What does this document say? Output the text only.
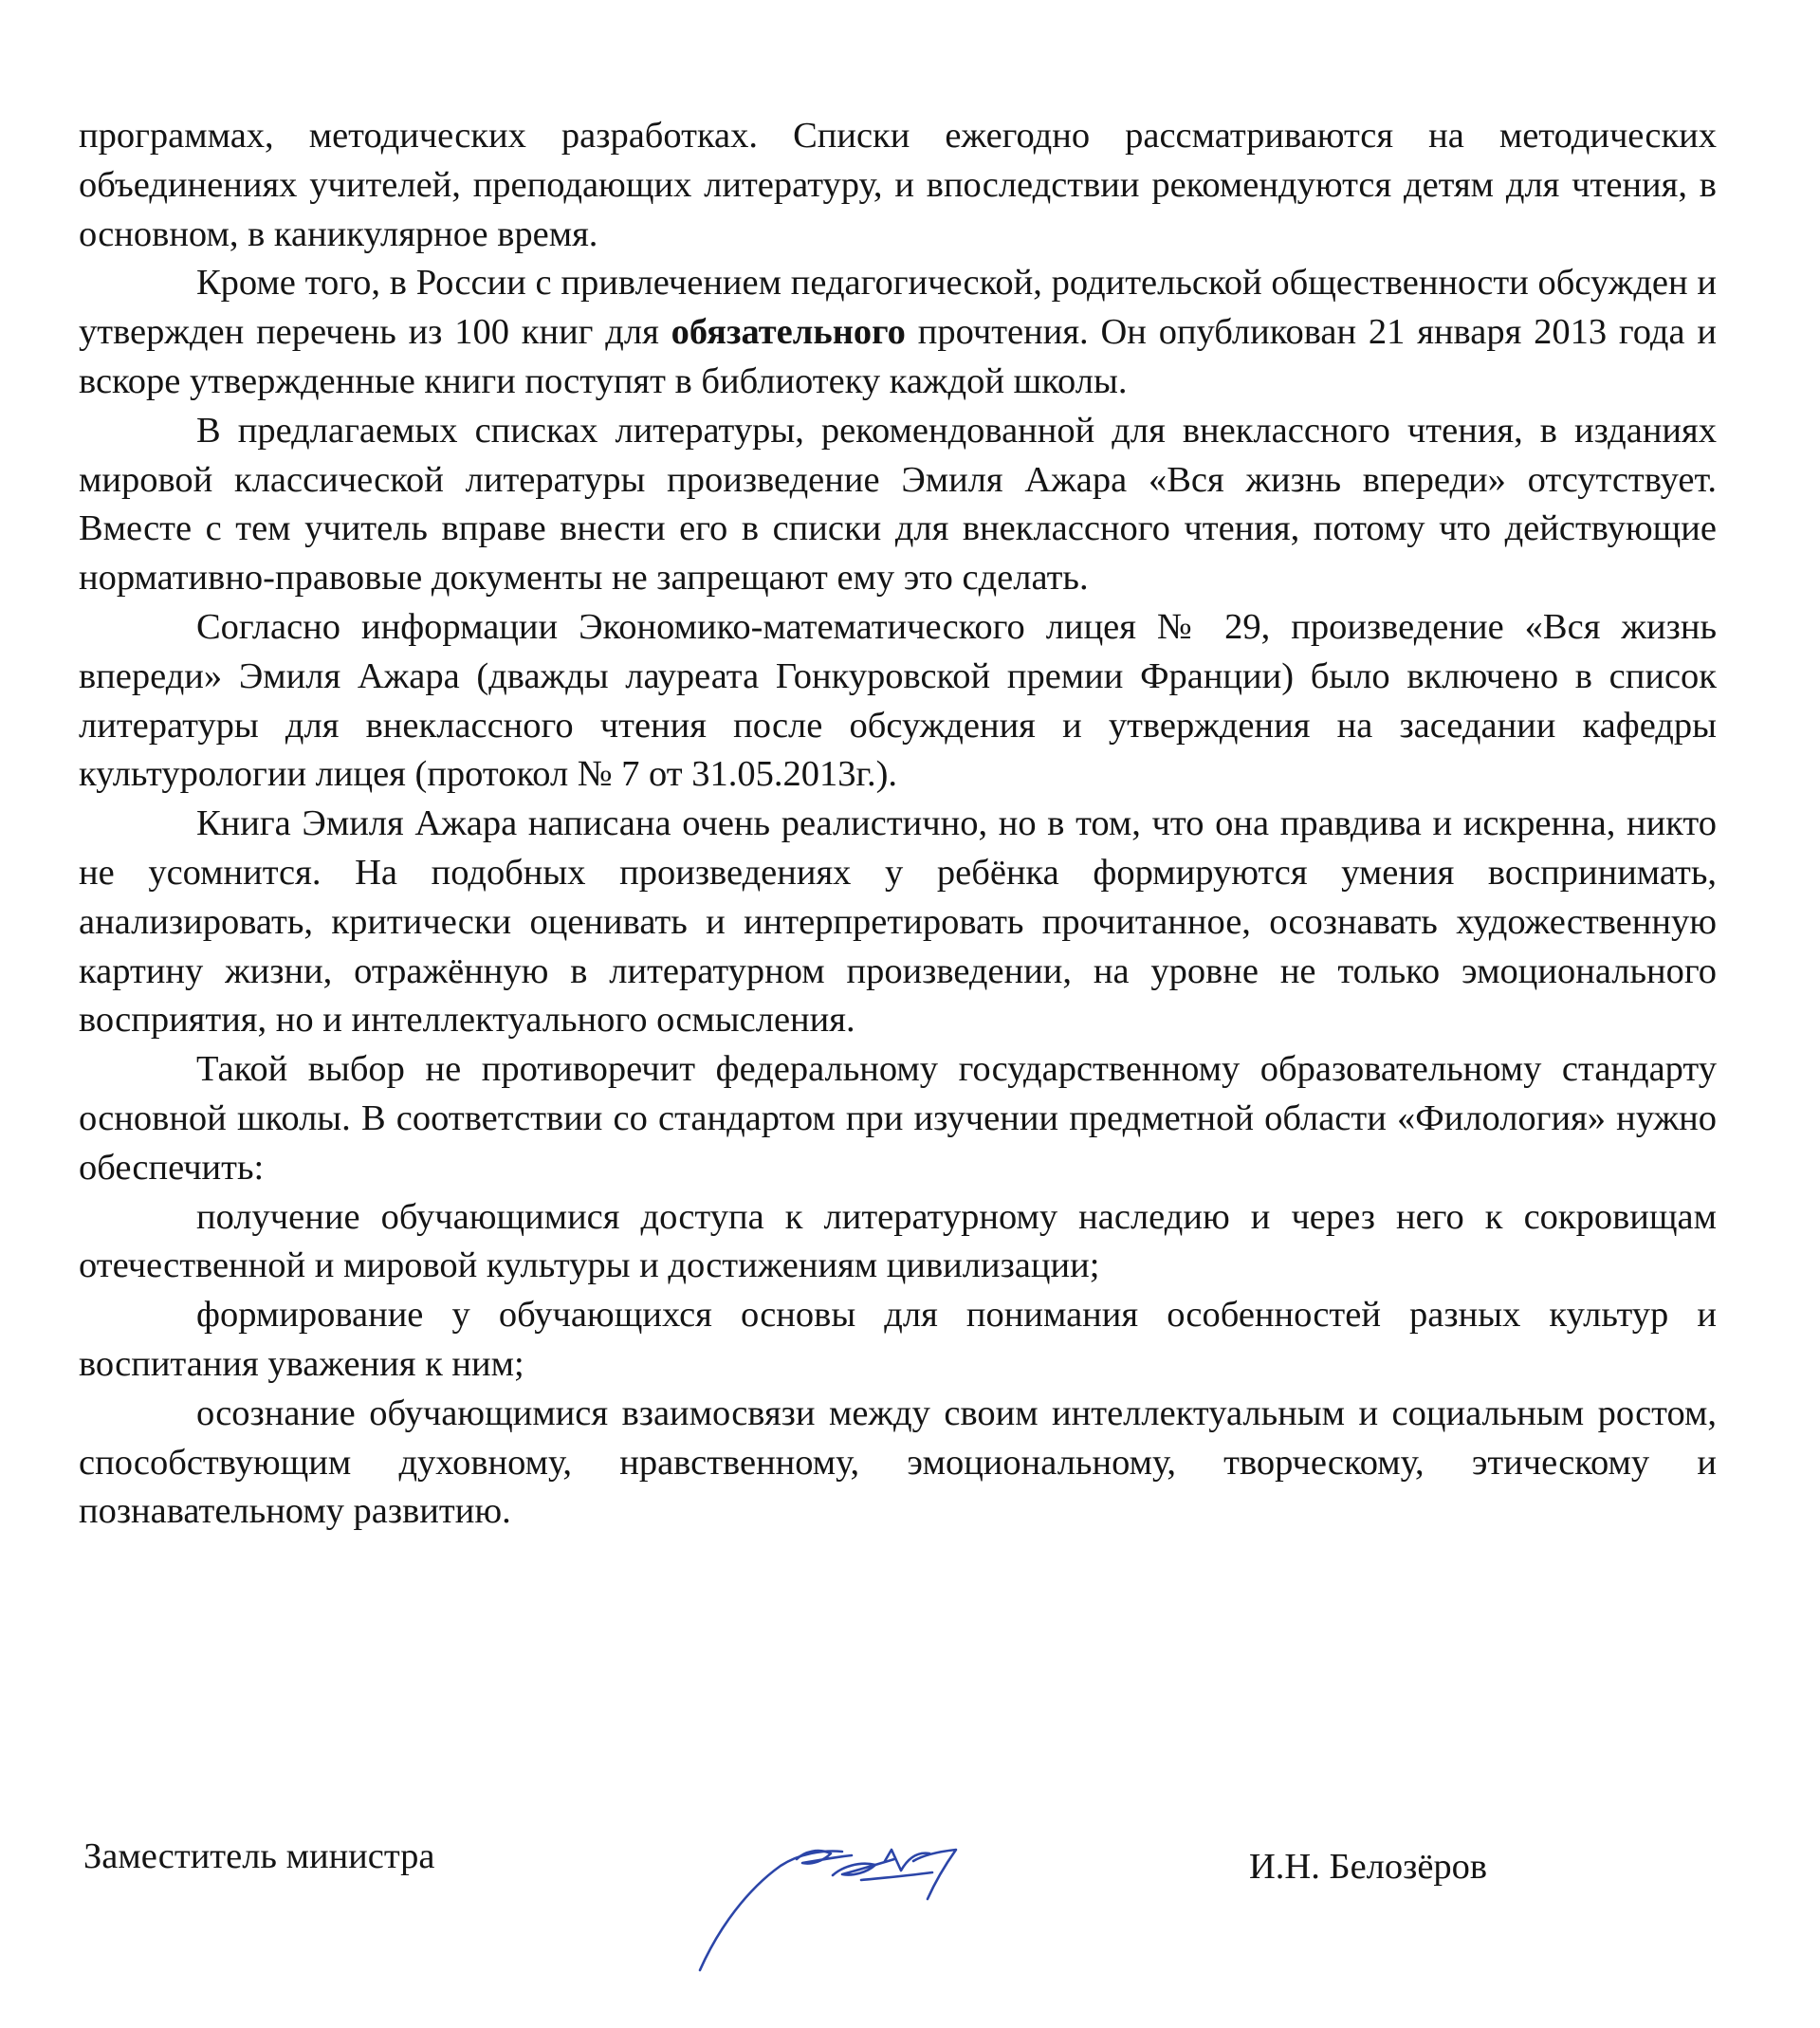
программах, методических разработках. Списки ежегодно рассматриваются на методических объединениях учителей, преподающих литературу, и впоследствии рекомендуются детям для чтения, в основном, в каникулярное время.

Кроме того, в России с привлечением педагогической, родительской общественности обсужден и утвержден перечень из 100 книг для обязательного прочтения. Он опубликован 21 января 2013 года и вскоре утвержденные книги поступят в библиотеку каждой школы.

В предлагаемых списках литературы, рекомендованной для внеклассного чтения, в изданиях мировой классической литературы произведение Эмиля Ажара «Вся жизнь впереди» отсутствует. Вместе с тем учитель вправе внести его в списки для внеклассного чтения, потому что действующие нормативно-правовые документы не запрещают ему это сделать.

Согласно информации Экономико-математического лицея № 29, произведение «Вся жизнь впереди» Эмиля Ажара (дважды лауреата Гонкуровской премии Франции) было включено в список литературы для внеклассного чтения после обсуждения и утверждения на заседании кафедры культурологии лицея (протокол № 7 от 31.05.2013г.).

Книга Эмиля Ажара написана очень реалистично, но в том, что она правдива и искренна, никто не усомнится. На подобных произведениях у ребёнка формируются умения воспринимать, анализировать, критически оценивать и интерпретировать прочитанное, осознавать художественную картину жизни, отражённую в литературном произведении, на уровне не только эмоционального восприятия, но и интеллектуального осмысления.

Такой выбор не противоречит федеральному государственному образовательному стандарту основной школы. В соответствии со стандартом при изучении предметной области «Филология» нужно обеспечить:

получение обучающимися доступа к литературному наследию и через него к сокровищам отечественной и мировой культуры и достижениям цивилизации;

формирование у обучающихся основы для понимания особенностей разных культур и воспитания уважения к ним;

осознание обучающимися взаимосвязи между своим интеллектуальным и социальным ростом, способствующим духовному, нравственному, эмоциональному, творческому, этическому и познавательному развитию.

Заместитель министра	И.Н. Белозёров
